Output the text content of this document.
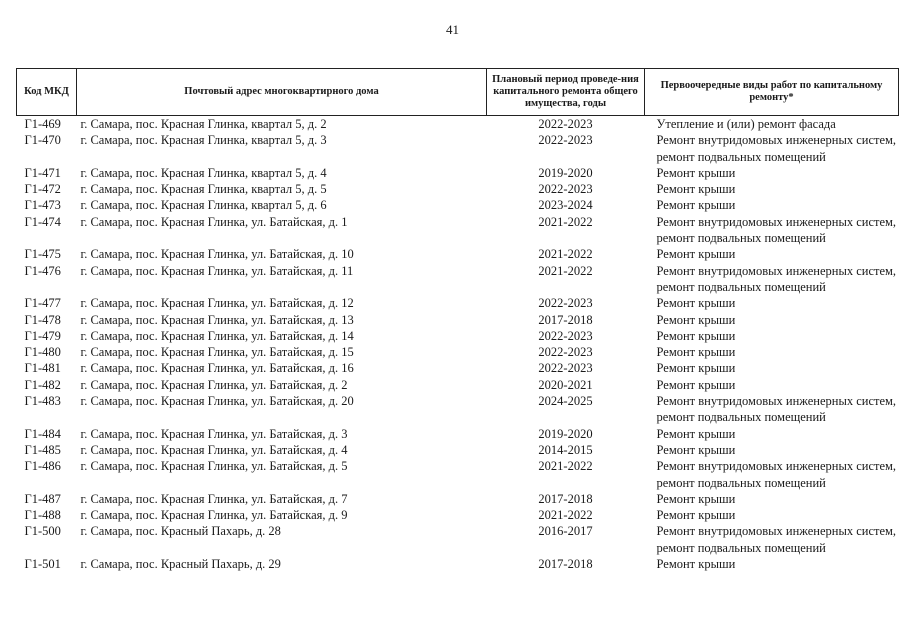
41
Код МКД	Почтовый адрес многоквартирного дома	Плановый период проведе-ния капитального ремонта общего имущества, годы	Первоочередные виды работ по капитальному ремонту*
Г1-469	г. Самара, пос. Красная Глинка, квартал 5, д. 2	2022-2023	Утепление и (или) ремонт фасада

Г1-470	г. Самара, пос. Красная Глинка, квартал 5, д. 3	2022-2023	Ремонт внутридомовых инженерных систем,
ремонт подвальных помещений

Г1-471	г. Самара, пос. Красная Глинка, квартал 5, д. 4	2019-2020	Ремонт крыши

Г1-472	г. Самара, пос. Красная Глинка, квартал 5, д. 5	2022-2023	Ремонт крыши

Г1-473	г. Самара, пос. Красная Глинка, квартал 5, д. 6	2023-2024	Ремонт крыши

Г1-474	г. Самара, пос. Красная Глинка, ул. Батайская, д. 1	2021-2022	Ремонт внутридомовых инженерных систем,
ремонт подвальных помещений

Г1-475	г. Самара, пос. Красная Глинка, ул. Батайская, д. 10	2021-2022	Ремонт крыши

Г1-476	г. Самара, пос. Красная Глинка, ул. Батайская, д. 11	2021-2022	Ремонт внутридомовых инженерных систем,
ремонт подвальных помещений

Г1-477	г. Самара, пос. Красная Глинка, ул. Батайская, д. 12	2022-2023	Ремонт крыши

Г1-478	г. Самара, пос. Красная Глинка, ул. Батайская, д. 13	2017-2018	Ремонт крыши

Г1-479	г. Самара, пос. Красная Глинка, ул. Батайская, д. 14	2022-2023	Ремонт крыши

Г1-480	г. Самара, пос. Красная Глинка, ул. Батайская, д. 15	2022-2023	Ремонт крыши

Г1-481	г. Самара, пос. Красная Глинка, ул. Батайская, д. 16	2022-2023	Ремонт крыши

Г1-482	г. Самара, пос. Красная Глинка, ул. Батайская, д. 2	2020-2021	Ремонт крыши

Г1-483	г. Самара, пос. Красная Глинка, ул. Батайская, д. 20	2024-2025	Ремонт внутридомовых инженерных систем,
ремонт подвальных помещений

Г1-484	г. Самара, пос. Красная Глинка, ул. Батайская, д. 3	2019-2020	Ремонт крыши

Г1-485	г. Самара, пос. Красная Глинка, ул. Батайская, д. 4	2014-2015	Ремонт крыши

Г1-486	г. Самара, пос. Красная Глинка, ул. Батайская, д. 5	2021-2022	Ремонт внутридомовых инженерных систем,
ремонт подвальных помещений

Г1-487	г. Самара, пос. Красная Глинка, ул. Батайская, д. 7	2017-2018	Ремонт крыши

Г1-488	г. Самара, пос. Красная Глинка, ул. Батайская, д. 9	2021-2022	Ремонт крыши

Г1-500	г. Самара, пос. Красный Пахарь, д. 28	2016-2017	Ремонт внутридомовых инженерных систем,
ремонт подвальных помещений

Г1-501	г. Самара, пос. Красный Пахарь, д. 29	2017-2018	Ремонт крыши
